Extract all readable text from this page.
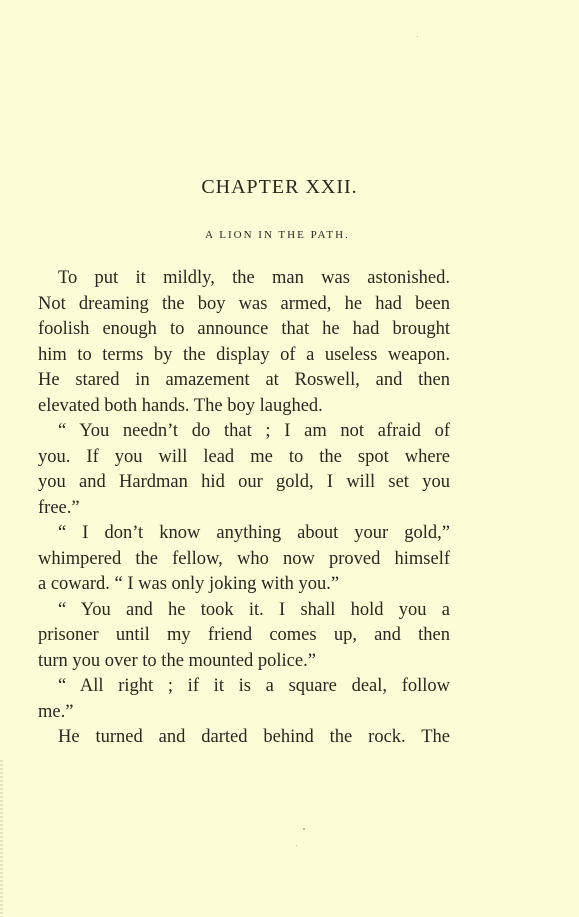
CHAPTER XXII.
A LION IN THE PATH.
To put it mildly, the man was astonished.
Not dreaming the boy was armed, he had been
foolish enough to announce that he had brought
him to terms by the display of a useless weapon.
He stared in amazement at Roswell, and then
elevated both hands. The boy laughed.
“ You needn’t do that ; I am not afraid of
you. If you will lead me to the spot where
you and Hardman hid our gold, I will set you
free.”
“ I don’t know anything about your gold,”
whimpered the fellow, who now proved himself
a coward. “ I was only joking with you.”
“ You and he took it. I shall hold you a
prisoner until my friend comes up, and then
turn you over to the mounted police.”
“ All right ; if it is a square deal, follow
me.”
He turned and darted behind the rock. The
